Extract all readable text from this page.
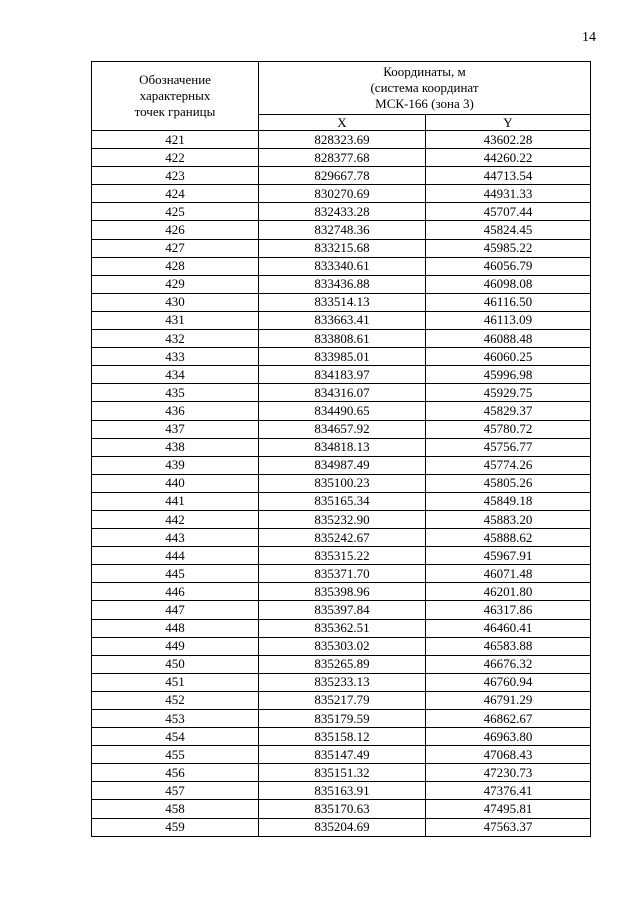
14
Обозначение
характерных
точек границы	Координаты, м
(система координат
МСК-166 (зона 3)	

	X	Y
421	828323.69	43602.28
422	828377.68	44260.22
423	829667.78	44713.54
424	830270.69	44931.33
425	832433.28	45707.44
426	832748.36	45824.45
427	833215.68	45985.22
428	833340.61	46056.79
429	833436.88	46098.08
430	833514.13	46116.50
431	833663.41	46113.09
432	833808.61	46088.48
433	833985.01	46060.25
434	834183.97	45996.98
435	834316.07	45929.75
436	834490.65	45829.37
437	834657.92	45780.72
438	834818.13	45756.77
439	834987.49	45774.26
440	835100.23	45805.26
441	835165.34	45849.18
442	835232.90	45883.20
443	835242.67	45888.62
444	835315.22	45967.91
445	835371.70	46071.48
446	835398.96	46201.80
447	835397.84	46317.86
448	835362.51	46460.41
449	835303.02	46583.88
450	835265.89	46676.32
451	835233.13	46760.94
452	835217.79	46791.29
453	835179.59	46862.67
454	835158.12	46963.80
455	835147.49	47068.43
456	835151.32	47230.73
457	835163.91	47376.41
458	835170.63	47495.81
459	835204.69	47563.37
